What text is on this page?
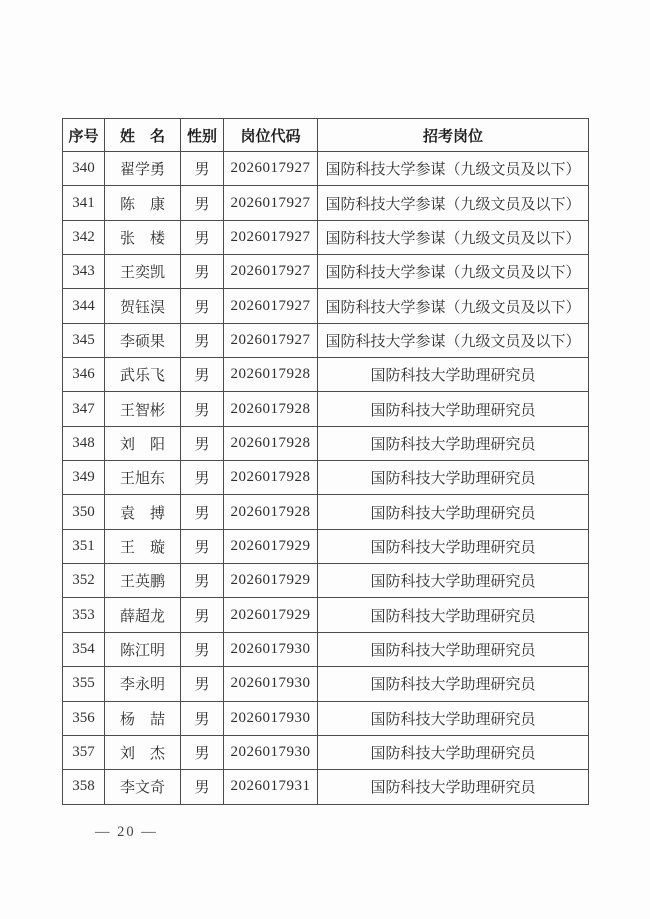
序号	姓　名	性别	岗位代码	招考岗位
340	翟学勇	男	2026017927	国防科技大学参谋（九级文员及以下）
341	陈　康	男	2026017927	国防科技大学参谋（九级文员及以下）
342	张　楼	男	2026017927	国防科技大学参谋（九级文员及以下）
343	王奕凯	男	2026017927	国防科技大学参谋（九级文员及以下）
344	贺钰淏	男	2026017927	国防科技大学参谋（九级文员及以下）
345	李硕果	男	2026017927	国防科技大学参谋（九级文员及以下）
346	武乐飞	男	2026017928	国防科技大学助理研究员
347	王智彬	男	2026017928	国防科技大学助理研究员
348	刘　阳	男	2026017928	国防科技大学助理研究员
349	王旭东	男	2026017928	国防科技大学助理研究员
350	袁　搏	男	2026017928	国防科技大学助理研究员
351	王　璇	男	2026017929	国防科技大学助理研究员
352	王英鹏	男	2026017929	国防科技大学助理研究员
353	薛超龙	男	2026017929	国防科技大学助理研究员
354	陈江明	男	2026017930	国防科技大学助理研究员
355	李永明	男	2026017930	国防科技大学助理研究员
356	杨　喆	男	2026017930	国防科技大学助理研究员
357	刘　杰	男	2026017930	国防科技大学助理研究员
358	李文奇	男	2026017931	国防科技大学助理研究员
— 20 —
